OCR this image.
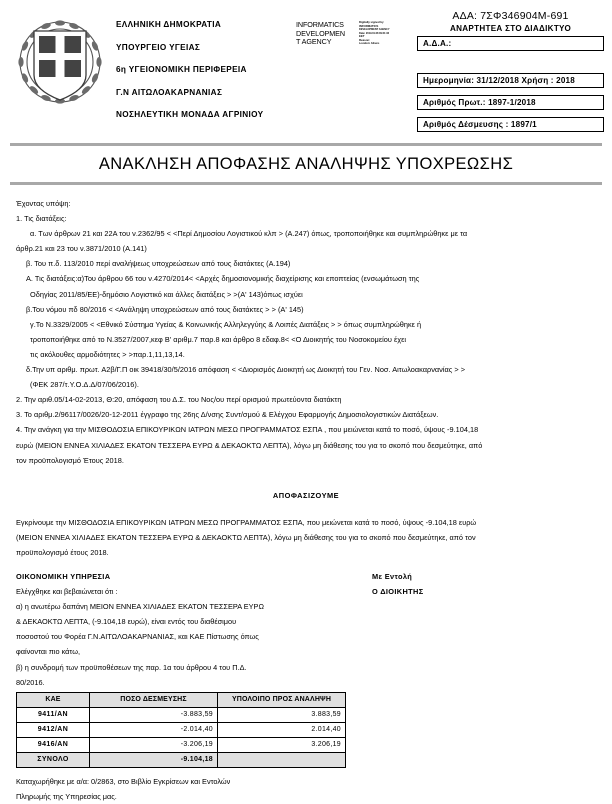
ΕΛΛΗΝΙΚΗ ΔΗΜΟΚΡΑΤΙΑ
ΥΠΟΥΡΓΕΙΟ ΥΓΕΙΑΣ
6η ΥΓΕΙΟΝΟΜΙΚΗ ΠΕΡΙΦΕΡΕΙΑ
Γ.Ν ΑΙΤΩΛΟΑΚΑΡΝΑΝΙΑΣ
ΝΟΣΗΛΕΥΤΙΚΗ ΜΟΝΑΔΑ ΑΓΡΙΝΙΟΥ
INFORMATICS
DEVELOPMEN
T AGENCY
Digitally signed by
INFORMATICS
DEVELOPMENT AGENCY
Date: 2019.01.08 09:21:33
EET
Reason:
Location: Athens
ΑΔΑ: 7ΣΦ346904Μ-691
ΑΝΑΡΤΗΤΕΑ ΣΤΟ ΔΙΑΔΙΚΤΥΟ
Α.Δ.Α.:
Ημερομηνία: 31/12/2018 Χρήση : 2018
Αριθμός Πρωτ.: 1897-1/2018
Αριθμός Δέσμευσης : 1897/1
ΑΝΑΚΛΗΣΗ ΑΠΟΦΑΣΗΣ ΑΝΑΛΗΨΗΣ ΥΠΟΧΡΕΩΣΗΣ

Έχοντας υπόψη:

1. Τις διατάξεις:

α. Των άρθρων 21 και 22Α του ν.2362/95 < <Περί Δημοσίου Λογιστικού κλπ > (Α.247) όπως, τροποποιήθηκε και συμπληρώθηκε με τα

άρθρ.21 και 23 του ν.3871/2010 (Α.141)

β. Του π.δ. 113/2010 περί αναλήψεως υποχρεώσεων από τους διατάκτες (Α.194)

Α. Τις διατάξεις:α)Του άρθρου 66 του ν.4270/2014< <Αρχές δημοσιονομικής διαχείρισης και εποπτείας (ενσωμάτωση της

Οδηγίας 2011/85/ΕΕ)-δημόσιο Λογιστικό και άλλες διατάξεις > >(Α' 143)όπως ισχύει

β.Του νόμου πδ 80/2016 < <Ανάληψη υποχρεώσεων από τους διατάκτες > > (Α' 145)

γ.Το Ν.3329/2005 < <Εθνικό Σύστημα Υγείας & Κοινωνικής Αλληλεγγύης & Λοιπές Διατάξεις > > όπως συμπληρώθηκε ή

τροποποιήθηκε από το Ν.3527/2007,κεφ Β' αριθμ.7 παρ.8 και άρθρο 8 εδαφ.8< <Ο Διοικητής του Νοσοκομείου έχει

τις ακόλουθες αρμοδιότητες > >παρ.1,11,13,14.

δ.Την υπ αριθμ. πρωτ. Α2β/Γ.Π οικ 39418/30/5/2016 απόφαση < <Διορισμός Διοικητή ως Διοικητή του Γεν. Νοσ. Αιτωλοακαρνανίας > >

(ΦΕΚ 287/τ.Υ.Ο.Δ.Δ/07/06/2016).

2. Την αριθ.05/14-02-2013, Θ:20, απόφαση του Δ.Σ. του Νος/ου περί ορισμού πρωτεύοντα διατάκτη

3. Το αριθμ.2/96117/0026/20-12-2011 έγγραφο της 26ης Δ/νσης Συντ/σμού & Ελέγχου Εφαρμογής Δημοσιολογιστικών Διατάξεων.

4. Την ανάγκη για την ΜΙΣΘΟΔΟΣΙΑ ΕΠΙΚΟΥΡΙΚΩΝ ΙΑΤΡΩΝ ΜΕΣΩ ΠΡΟΓΡΑΜΜΑΤΟΣ ΕΣΠΑ , που μειώνεται κατά το ποσό, ύψους -9.104,18

ευρώ (ΜΕΙΟΝ ΕΝΝΕΑ ΧΙΛΙΑΔΕΣ ΕΚΑΤΟΝ ΤΕΣΣΕΡΑ ΕΥΡΩ & ΔΕΚΑΟΚΤΩ ΛΕΠΤΑ), λόγω μη διάθεσης του για το σκοπό που δεσμεύτηκε, από

τον προϋπολογισμό Έτους 2018.

ΑΠΟΦΑΣΙΖΟΥΜΕ

Εγκρίνουμε την ΜΙΣΘΟΔΟΣΙΑ ΕΠΙΚΟΥΡΙΚΩΝ ΙΑΤΡΩΝ ΜΕΣΩ ΠΡΟΓΡΑΜΜΑΤΟΣ ΕΣΠΑ, που μειώνεται κατά το ποσό, ύψους -9.104,18 ευρώ

(ΜΕΙΟΝ ΕΝΝΕΑ ΧΙΛΙΑΔΕΣ ΕΚΑΤΟΝ ΤΕΣΣΕΡΑ ΕΥΡΩ & ΔΕΚΑΟΚΤΩ ΛΕΠΤΑ), λόγω μη διάθεσης του για το σκοπό που δεσμεύτηκε, από τον

προϋπολογισμό έτους 2018.

ΟΙΚΟΝΟΜΙΚΗ ΥΠΗΡΕΣΙΑ

Ελέγχθηκε και βεβαιώνεται ότι :

α) η ανωτέρω δαπάνη ΜΕΙΟΝ ΕΝΝΕΑ ΧΙΛΙΑΔΕΣ ΕΚΑΤΟΝ ΤΕΣΣΕΡΑ ΕΥΡΩ

& ΔΕΚΑΟΚΤΩ ΛΕΠΤΑ, (-9.104,18 ευρώ), είναι εντός του διαθέσιμου

ποσοστού του Φορέα Γ.Ν.ΑΙΤΩΛΟΑΚΑΡΝΑΝΙΑΣ, και ΚΑΕ Πίστωσης όπως

φαίνονται πιο κάτω,

Με Εντολή

Ο ΔΙΟΙΚΗΤΗΣ

β) η συνδρομή των προϋποθέσεων της παρ. 1α του άρθρου 4 του Π.Δ.

80/2016.

ΚΑΕ	ΠΟΣΟ ΔΕΣΜΕΥΣΗΣ	ΥΠΟΛΟΙΠΟ ΠΡΟΣ ΑΝΑΛΗΨΗ
9411/ΑΝ	-3.883,59	3.883,59
9412/ΑΝ	-2.014,40	2.014,40
9416/ΑΝ	-3.206,19	3.206,19
ΣΥΝΟΛΟ	-9.104,18	
Καταχωρήθηκε με α/α: 0/2863, στο Βιβλίο Εγκρίσεων και Εντολών
Πληρωμής της Υπηρεσίας μας.
